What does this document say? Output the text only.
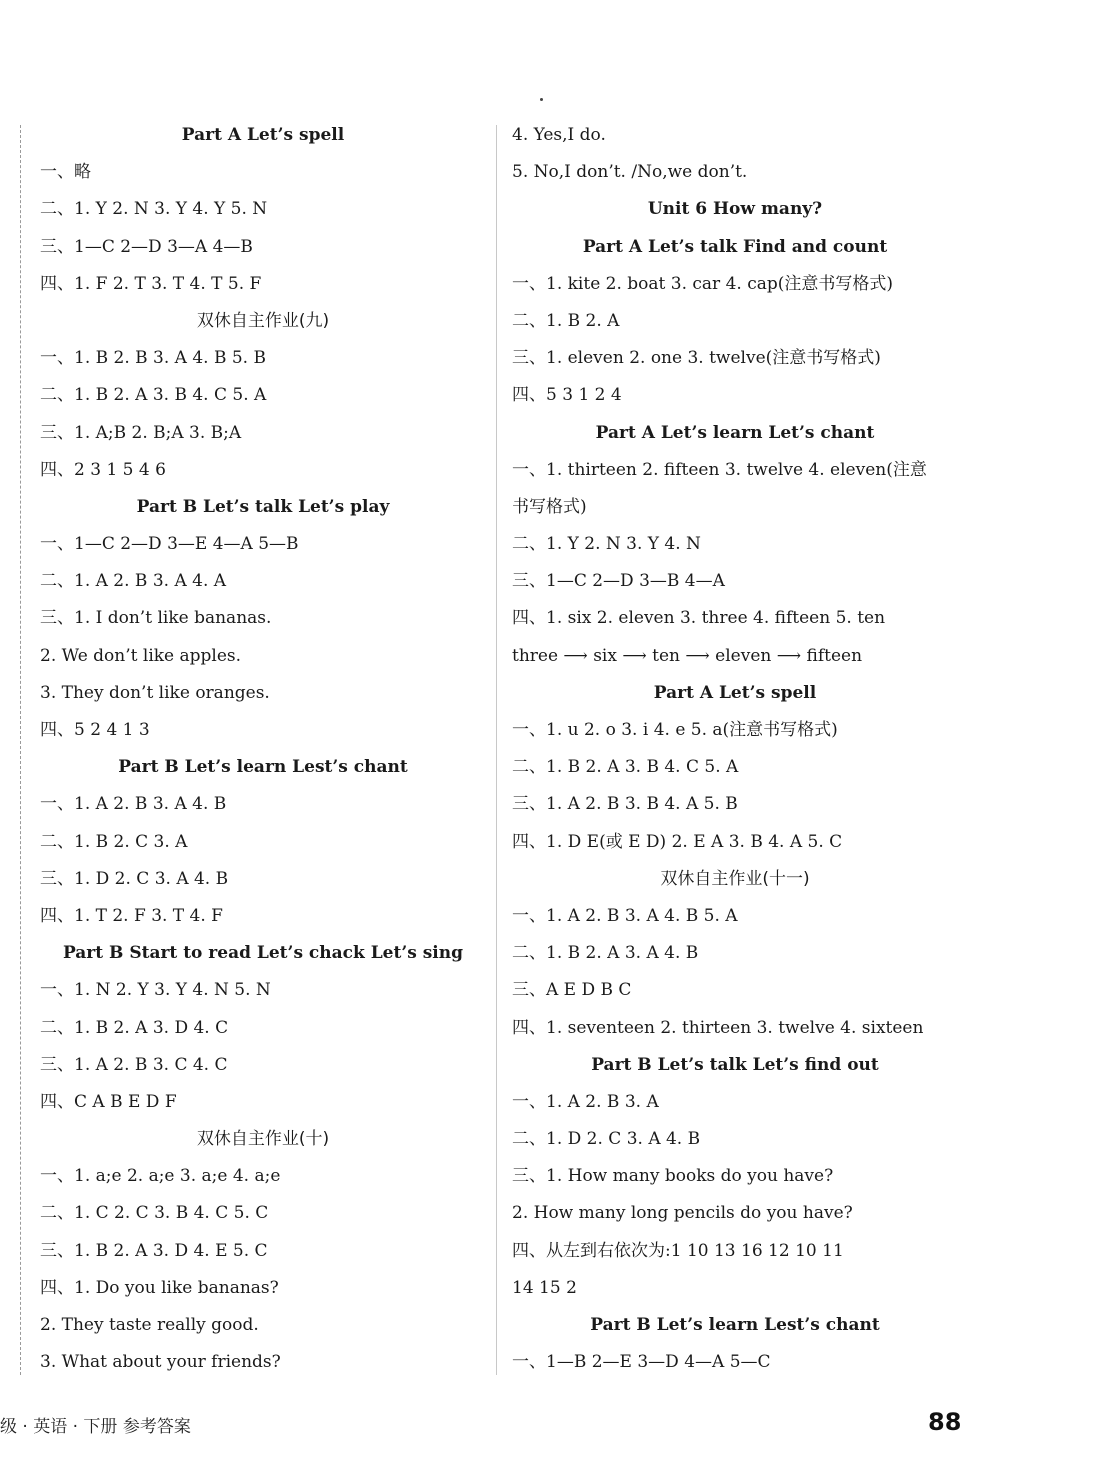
Part A Let’s spell
一、略
二、1. Y 2. N 3. Y 4. Y 5. N
三、1—C 2—D 3—A 4—B
四、1. F 2. T 3. T 4. T 5. F
双休自主作业(九)
一、1. B 2. B 3. A 4. B 5. B
二、1. B 2. A 3. B 4. C 5. A
三、1. A;B 2. B;A 3. B;A
四、2 3 1 5 4 6
Part B Let’s talk Let’s play
一、1—C 2—D 3—E 4—A 5—B
二、1. A 2. B 3. A 4. A
三、1. I don’t like bananas.
2. We don’t like apples.
3. They don’t like oranges.
四、5 2 4 1 3
Part B Let’s learn Lest’s chant
一、1. A 2. B 3. A 4. B
二、1. B 2. C 3. A
三、1. D 2. C 3. A 4. B
四、1. T 2. F 3. T 4. F
Part B Start to read Let’s chack Let’s sing
一、1. N 2. Y 3. Y 4. N 5. N
二、1. B 2. A 3. D 4. C
三、1. A 2. B 3. C 4. C
四、C A B E D F
双休自主作业(十)
一、1. a;e 2. a;e 3. a;e 4. a;e
二、1. C 2. C 3. B 4. C 5. C
三、1. B 2. A 3. D 4. E 5. C
四、1. Do you like bananas?
2. They taste really good.
3. What about your friends?
4. Yes,I do.
5. No,I don’t. /No,we don’t.
Unit 6 How many?
Part A Let’s talk Find and count
一、1. kite 2. boat 3. car 4. cap(注意书写格式)
二、1. B 2. A
三、1. eleven 2. one 3. twelve(注意书写格式)
四、5 3 1 2 4
Part A Let’s learn Let’s chant
一、1. thirteen 2. fifteen 3. twelve 4. eleven(注意
书写格式)
二、1. Y 2. N 3. Y 4. N
三、1—C 2—D 3—B 4—A
四、1. six 2. eleven 3. three 4. fifteen 5. ten
three ⟶ six ⟶ ten ⟶ eleven ⟶ fifteen
Part A Let’s spell
一、1. u 2. o 3. i 4. e 5. a(注意书写格式)
二、1. B 2. A 3. B 4. C 5. A
三、1. A 2. B 3. B 4. A 5. B
四、1. D E(或 E D) 2. E A 3. B 4. A 5. C
双休自主作业(十一)
一、1. A 2. B 3. A 4. B 5. A
二、1. B 2. A 3. A 4. B
三、A E D B C
四、1. seventeen 2. thirteen 3. twelve 4. sixteen
Part B Let’s talk Let’s find out
一、1. A 2. B 3. A
二、1. D 2. C 3. A 4. B
三、1. How many books do you have?
2. How many long pencils do you have?
四、从左到右依次为:1 10 13 16 12 10 11
14 15 2
Part B Let’s learn Lest’s chant
一、1—B 2—E 3—D 4—A 5—C
级 · 英语 · 下册 参考答案	88
